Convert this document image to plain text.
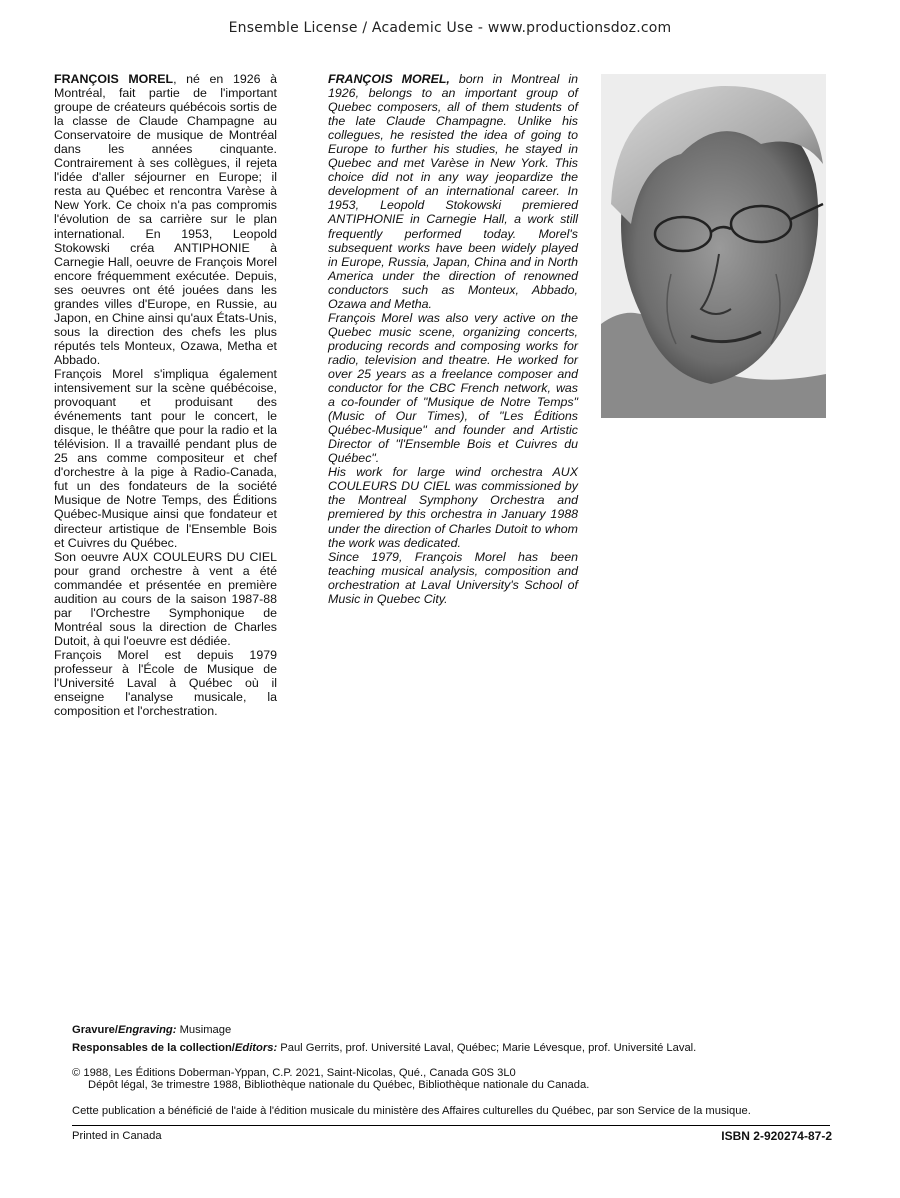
Ensemble License / Academic Use - www.productionsdoz.com

FRANÇOIS MOREL, né en 1926 à Montréal, fait partie de l'important groupe de créateurs québécois sortis de la classe de Claude Champagne au Conservatoire de musique de Montréal dans les années cinquante. Contrairement à ses collègues, il rejeta l'idée d'aller séjourner en Europe; il resta au Québec et rencontra Varèse à New York. Ce choix n'a pas compromis l'évolution de sa carrière sur le plan international. En 1953, Leopold Stokowski créa ANTIPHONIE à Carnegie Hall, oeuvre de François Morel encore fréquemment exécutée. Depuis, ses oeuvres ont été jouées dans les grandes villes d'Europe, en Russie, au Japon, en Chine ainsi qu'aux États-Unis, sous la direction des chefs les plus réputés tels Monteux, Ozawa, Metha et Abbado.

François Morel s'impliqua également intensivement sur la scène québécoise, provoquant et produisant des événements tant pour le concert, le disque, le théâtre que pour la radio et la télévision. Il a travaillé pendant plus de 25 ans comme compositeur et chef d'orchestre à la pige à Radio-Canada, fut un des fondateurs de la société Musique de Notre Temps, des Éditions Québec-Musique ainsi que fondateur et directeur artistique de l'Ensemble Bois et Cuivres du Québec.

Son oeuvre AUX COULEURS DU CIEL pour grand orchestre à vent a été commandée et présentée en première audition au cours de la saison 1987-88 par l'Orchestre Symphonique de Montréal sous la direction de Charles Dutoit, à qui l'oeuvre est dédiée.

François Morel est depuis 1979 professeur à l'École de Musique de l'Université Laval à Québec où il enseigne l'analyse musicale, la composition et l'orchestration.

FRANÇOIS MOREL, born in Montreal in 1926, belongs to an important group of Quebec composers, all of them students of the late Claude Champagne. Unlike his collegues, he resisted the idea of going to Europe to further his studies, he stayed in Quebec and met Varèse in New York. This choice did not in any way jeopardize the development of an international career. In 1953, Leopold Stokowski premiered ANTIPHONIE in Carnegie Hall, a work still frequently performed today. Morel's subsequent works have been widely played in Europe, Russia, Japan, China and in North America under the direction of renowned conductors such as Monteux, Abbado, Ozawa and Metha.

François Morel was also very active on the Quebec music scene, organizing concerts, producing records and composing works for radio, television and theatre. He worked for over 25 years as a freelance composer and conductor for the CBC French network, was a co-founder of "Musique de Notre Temps" (Music of Our Times), of "Les Éditions Québec-Musique" and founder and Artistic Director of "l'Ensemble Bois et Cuivres du Québec".

His work for large wind orchestra AUX COULEURS DU CIEL was commissioned by the Montreal Symphony Orchestra and premiered by this orchestra in January 1988 under the direction of Charles Dutoit to whom the work was dedicated.

Since 1979, François Morel has been teaching musical analysis, composition and orchestration at Laval University's School of Music in Quebec City.

Gravure/Engraving: Musimage
Responsables de la collection/Editors: Paul Gerrits, prof. Université Laval, Québec; Marie Lévesque, prof. Université Laval.
© 1988, Les Éditions Doberman-Yppan, C.P. 2021, Saint-Nicolas, Qué., Canada G0S 3L0
Dépôt légal, 3e trimestre 1988, Bibliothèque nationale du Québec, Bibliothèque nationale du Canada.
Cette publication a bénéficié de l'aide à l'édition musicale du ministère des Affaires culturelles du Québec, par son Service de la musique.
Printed in Canada	ISBN 2-920274-87-2
